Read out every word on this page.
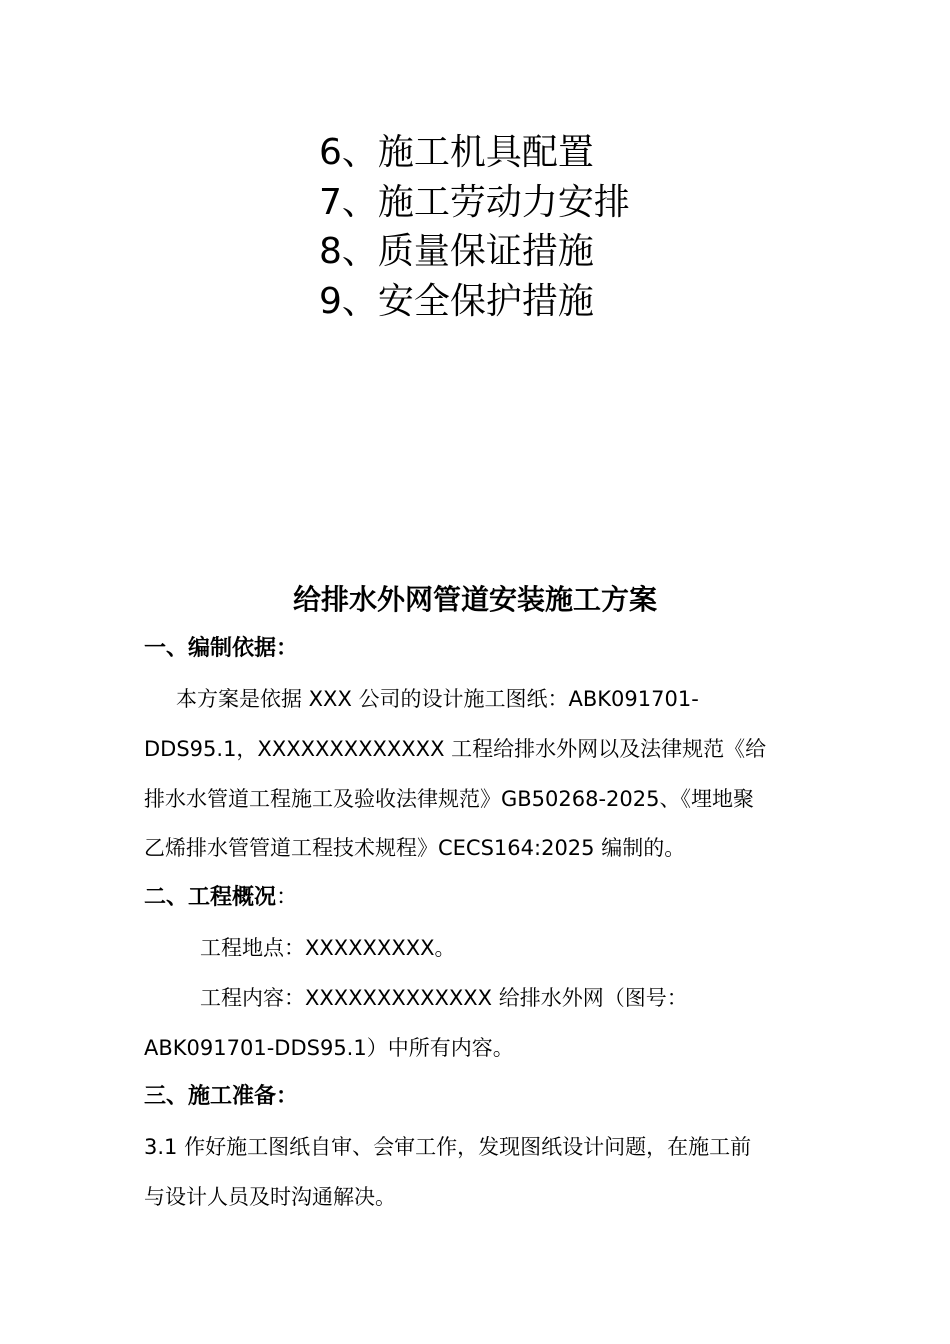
6、施工机具配置
7、施工劳动力安排
8、质量保证措施
9、安全保护措施
给排水外网管道安装施工方案
一、编制依据：
本方案是依据 XXX 公司的设计施工图纸：ABK091701-
DDS95.1，XXXXXXXXXXXXX 工程给排水外网以及法律规范《给
排水水管道工程施工及验收法律规范》GB50268-2025、《埋地聚
乙烯排水管管道工程技术规程》CECS164:2025 编制的。
二、工程概况：
工程地点：XXXXXXXXX。
工程内容：XXXXXXXXXXXXX 给排水外网（图号：
ABK091701-DDS95.1）中所有内容。
三、施工准备：
3.1 作好施工图纸自审、会审工作，发现图纸设计问题，在施工前
与设计人员及时沟通解决。
